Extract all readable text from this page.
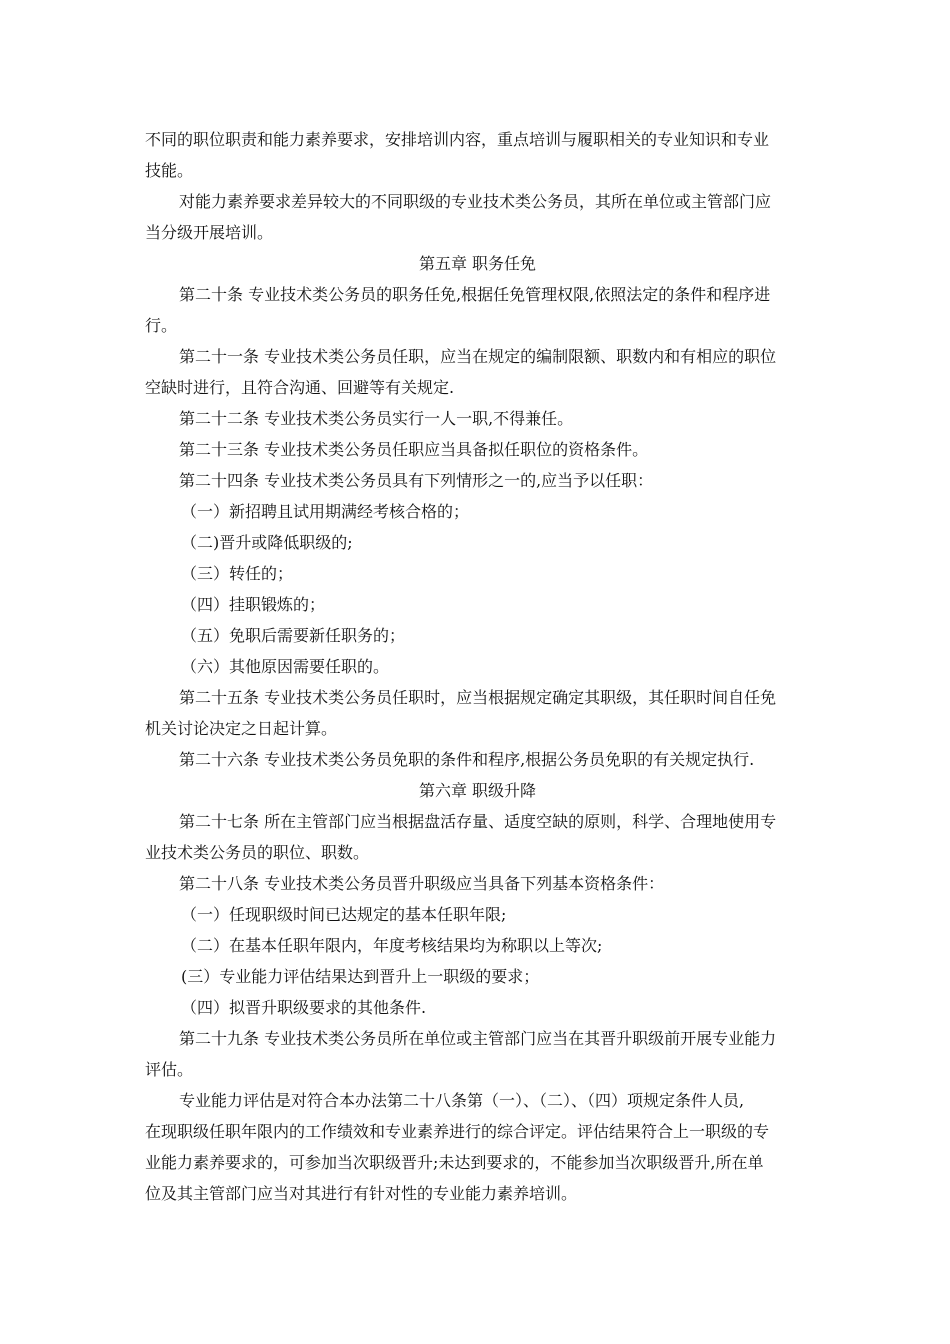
不同的职位职责和能力素养要求，安排培训内容，重点培训与履职相关的专业知识和专业
技能。
对能力素养要求差异较大的不同职级的专业技术类公务员，其所在单位或主管部门应
当分级开展培训。
第五章 职务任免
第二十条 专业技术类公务员的职务任免,根据任免管理权限,依照法定的条件和程序进
行。
第二十一条 专业技术类公务员任职，应当在规定的编制限额、职数内和有相应的职位
空缺时进行，且符合沟通、回避等有关规定.
第二十二条 专业技术类公务员实行一人一职,不得兼任。
第二十三条 专业技术类公务员任职应当具备拟任职位的资格条件。
第二十四条 专业技术类公务员具有下列情形之一的,应当予以任职：
（一）新招聘且试用期满经考核合格的；
（二)晋升或降低职级的;
（三）转任的；
（四）挂职锻炼的；
（五）免职后需要新任职务的；
（六）其他原因需要任职的。
第二十五条 专业技术类公务员任职时，应当根据规定确定其职级，其任职时间自任免
机关讨论决定之日起计算。
第二十六条 专业技术类公务员免职的条件和程序,根据公务员免职的有关规定执行.
第六章 职级升降
第二十七条 所在主管部门应当根据盘活存量、适度空缺的原则，科学、合理地使用专
业技术类公务员的职位、职数。
第二十八条 专业技术类公务员晋升职级应当具备下列基本资格条件：
（一）任现职级时间已达规定的基本任职年限;
（二）在基本任职年限内，年度考核结果均为称职以上等次;
(三）专业能力评估结果达到晋升上一职级的要求；
（四）拟晋升职级要求的其他条件.
第二十九条 专业技术类公务员所在单位或主管部门应当在其晋升职级前开展专业能力
评估。
专业能力评估是对符合本办法第二十八条第（一）、（二）、（四）项规定条件人员,
在现职级任职年限内的工作绩效和专业素养进行的综合评定。评估结果符合上一职级的专
业能力素养要求的，可参加当次职级晋升;未达到要求的，不能参加当次职级晋升,所在单
位及其主管部门应当对其进行有针对性的专业能力素养培训。
